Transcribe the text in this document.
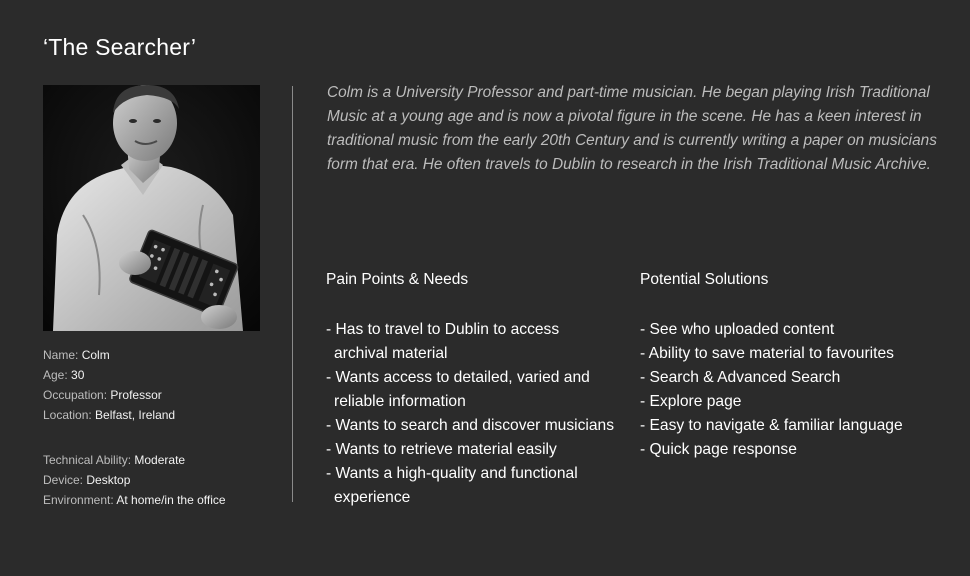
‘The Searcher’
Name: Colm
Age: 30
Occupation: Professor
Location: Belfast, Ireland
Technical Ability: Moderate
Device: Desktop
Environment: At home/in the office
Colm is a University Professor and part-time musician. He began playing Irish Traditional Music at a young age and is now a pivotal figure in the scene. He has a keen interest in traditional music from the early 20th Century and is currently writing a paper on musicians form that era. He often travels to Dublin to research in the Irish Traditional Music Archive.
Pain Points & Needs
- Has to travel to Dublin to access
archival material
- Wants access to detailed, varied and
reliable information
- Wants to search and discover musicians
- Wants to retrieve material easily
- Wants a high-quality and functional
experience
Potential Solutions
- See who uploaded content
- Ability to save material to favourites
- Search & Advanced Search
- Explore page
- Easy to navigate & familiar language
- Quick page response
